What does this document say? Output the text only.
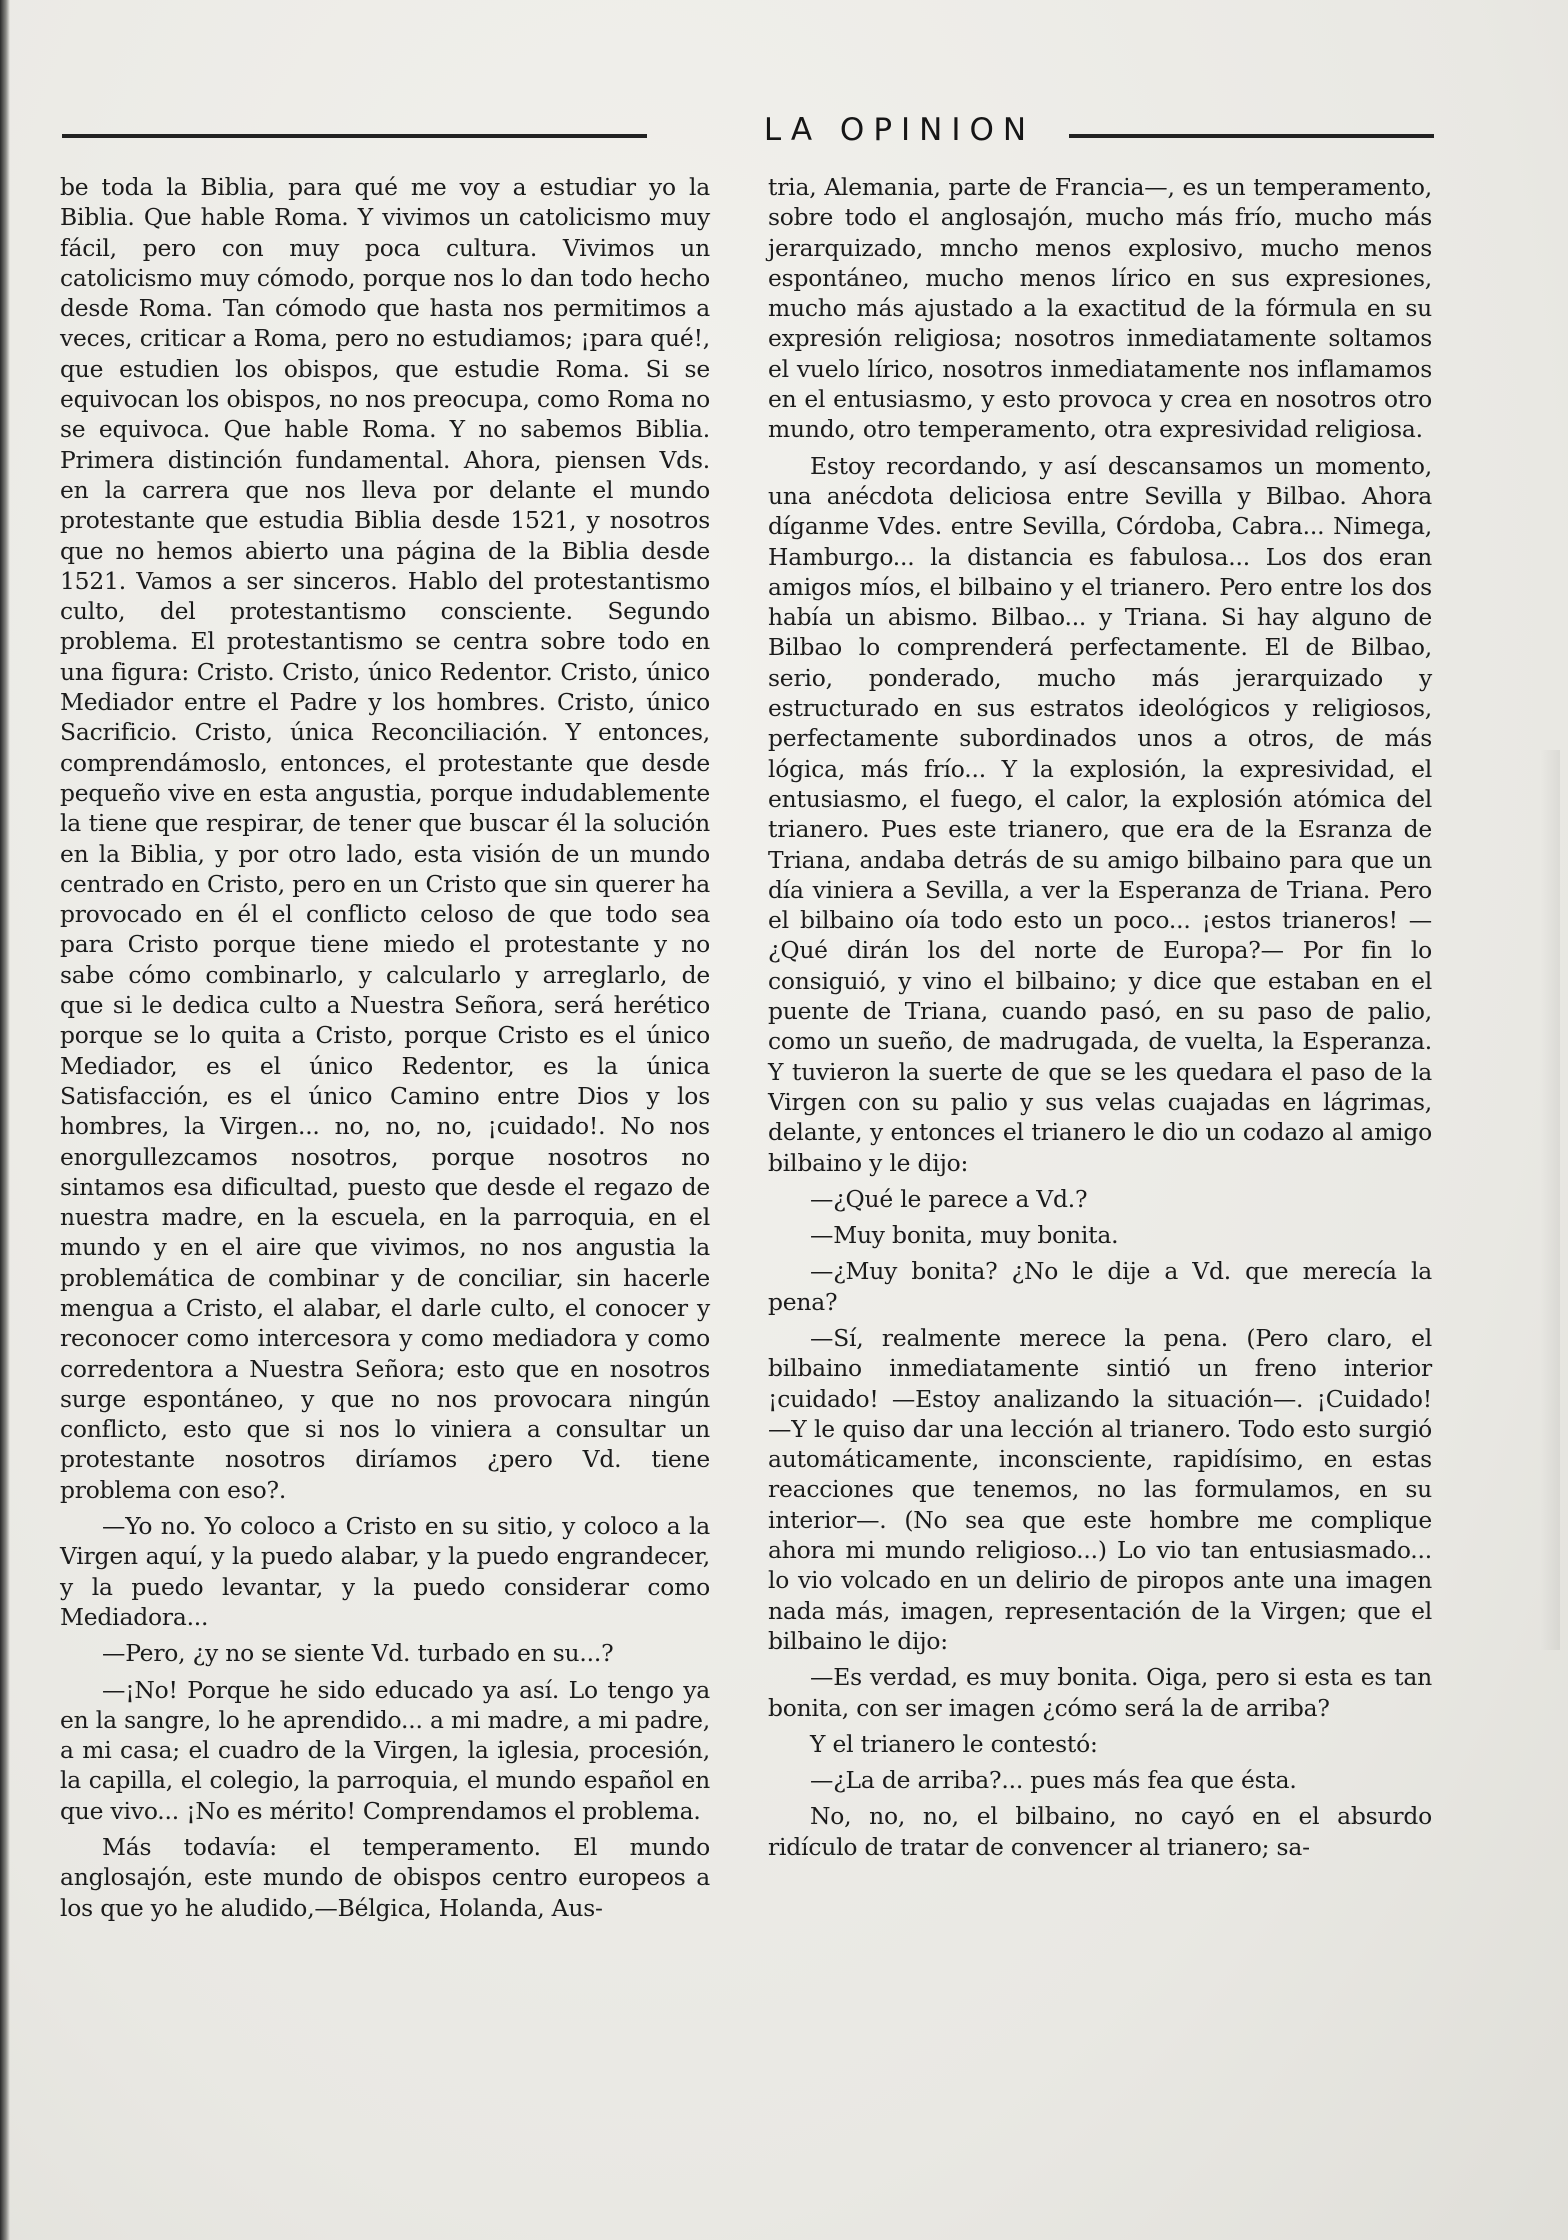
LA OPINION

be toda la Biblia, para qué me voy a estudiar yo la Biblia. Que hable Roma. Y vivimos un catolicismo muy fácil, pero con muy poca cultura. Vivimos un catolicismo muy cómodo, porque nos lo dan todo hecho desde Roma. Tan cómodo que hasta nos permitimos a veces, criticar a Roma, pero no estudiamos; ¡para qué!, que estudien los obispos, que estudie Roma. Si se equivocan los obispos, no nos preocupa, como Roma no se equivoca. Que hable Roma. Y no sabemos Biblia. Primera distinción fundamental. Ahora, piensen Vds. en la carrera que nos lleva por delante el mundo protestante que estudia Biblia desde 1521, y nosotros que no hemos abierto una página de la Biblia desde 1521. Vamos a ser sinceros. Hablo del protestantismo culto, del protestantismo consciente. Segundo problema. El protestantismo se centra sobre todo en una figura: Cristo. Cristo, único Redentor. Cristo, único Mediador entre el Padre y los hombres. Cristo, único Sacrificio. Cristo, única Reconciliación. Y entonces, comprendámoslo, entonces, el protestante que desde pequeño vive en esta angustia, porque indudablemente la tiene que respirar, de tener que buscar él la solución en la Biblia, y por otro lado, esta visión de un mundo centrado en Cristo, pero en un Cristo que sin querer ha provocado en él el conflicto celoso de que todo sea para Cristo porque tiene miedo el protestante y no sabe cómo combinarlo, y calcularlo y arreglarlo, de que si le dedica culto a Nuestra Señora, será herético porque se lo quita a Cristo, porque Cristo es el único Mediador, es el único Redentor, es la única Satisfacción, es el único Camino entre Dios y los hombres, la Virgen... no, no, no, ¡cuidado!. No nos enorgullezcamos nosotros, porque nosotros no sintamos esa dificultad, puesto que desde el regazo de nuestra madre, en la escuela, en la parroquia, en el mundo y en el aire que vivimos, no nos angustia la problemática de combinar y de conciliar, sin hacerle mengua a Cristo, el alabar, el darle culto, el conocer y reconocer como intercesora y como mediadora y como corredentora a Nuestra Señora; esto que en nosotros surge espontáneo, y que no nos provocara ningún conflicto, esto que si nos lo viniera a consultar un protestante nosotros diríamos ¿pero Vd. tiene problema con eso?.

—Yo no. Yo coloco a Cristo en su sitio, y coloco a la Virgen aquí, y la puedo alabar, y la puedo engrandecer, y la puedo levantar, y la puedo considerar como Mediadora...

—Pero, ¿y no se siente Vd. turbado en su...?

—¡No! Porque he sido educado ya así. Lo tengo ya en la sangre, lo he aprendido... a mi madre, a mi padre, a mi casa; el cuadro de la Virgen, la iglesia, procesión, la capilla, el colegio, la parroquia, el mundo español en que vivo... ¡No es mérito! Comprendamos el problema.

Más todavía: el temperamento. El mundo anglosajón, este mundo de obispos centro europeos a los que yo he aludido,—Bélgica, Holanda, Aus-

tria, Alemania, parte de Francia—, es un temperamento, sobre todo el anglosajón, mucho más frío, mucho más jerarquizado, mncho menos explosivo, mucho menos espontáneo, mucho menos lírico en sus expresiones, mucho más ajustado a la exactitud de la fórmula en su expresión religiosa; nosotros inmediatamente soltamos el vuelo lírico, nosotros inmediatamente nos inflamamos en el entusiasmo, y esto provoca y crea en nosotros otro mundo, otro temperamento, otra expresividad religiosa.

Estoy recordando, y así descansamos un momento, una anécdota deliciosa entre Sevilla y Bilbao. Ahora díganme Vdes. entre Sevilla, Córdoba, Cabra... Nimega, Hamburgo... la distancia es fabulosa... Los dos eran amigos míos, el bilbaino y el trianero. Pero entre los dos había un abismo. Bilbao... y Triana. Si hay alguno de Bilbao lo comprenderá perfectamente. El de Bilbao, serio, ponderado, mucho más jerarquizado y estructurado en sus estratos ideológicos y religiosos, perfectamente subordinados unos a otros, de más lógica, más frío... Y la explosión, la expresividad, el entusiasmo, el fuego, el calor, la explosión atómica del trianero. Pues este trianero, que era de la Esranza de Triana, andaba detrás de su amigo bilbaino para que un día viniera a Sevilla, a ver la Esperanza de Triana. Pero el bilbaino oía todo esto un poco... ¡estos trianeros! —¿Qué dirán los del norte de Europa?— Por fin lo consiguió, y vino el bilbaino; y dice que estaban en el puente de Triana, cuando pasó, en su paso de palio, como un sueño, de madrugada, de vuelta, la Esperanza. Y tuvieron la suerte de que se les quedara el paso de la Virgen con su palio y sus velas cuajadas en lágrimas, delante, y entonces el trianero le dio un codazo al amigo bilbaino y le dijo:

—¿Qué le parece a Vd.?

—Muy bonita, muy bonita.

—¿Muy bonita? ¿No le dije a Vd. que merecía la pena?

—Sí, realmente merece la pena. (Pero claro, el bilbaino inmediatamente sintió un freno interior ¡cuidado! —Estoy analizando la situación—. ¡Cuidado! —Y le quiso dar una lección al trianero. Todo esto surgió automáticamente, inconsciente, rapidísimo, en estas reacciones que tenemos, no las formulamos, en su interior—. (No sea que este hombre me complique ahora mi mundo religioso...) Lo vio tan entusiasmado... lo vio volcado en un delirio de piropos ante una imagen nada más, imagen, representación de la Virgen; que el bilbaino le dijo:

—Es verdad, es muy bonita. Oiga, pero si esta es tan bonita, con ser imagen ¿cómo será la de arriba?

Y el trianero le contestó:

—¿La de arriba?... pues más fea que ésta.

No, no, no, el bilbaino, no cayó en el absurdo ridículo de tratar de convencer al trianero; sa-
